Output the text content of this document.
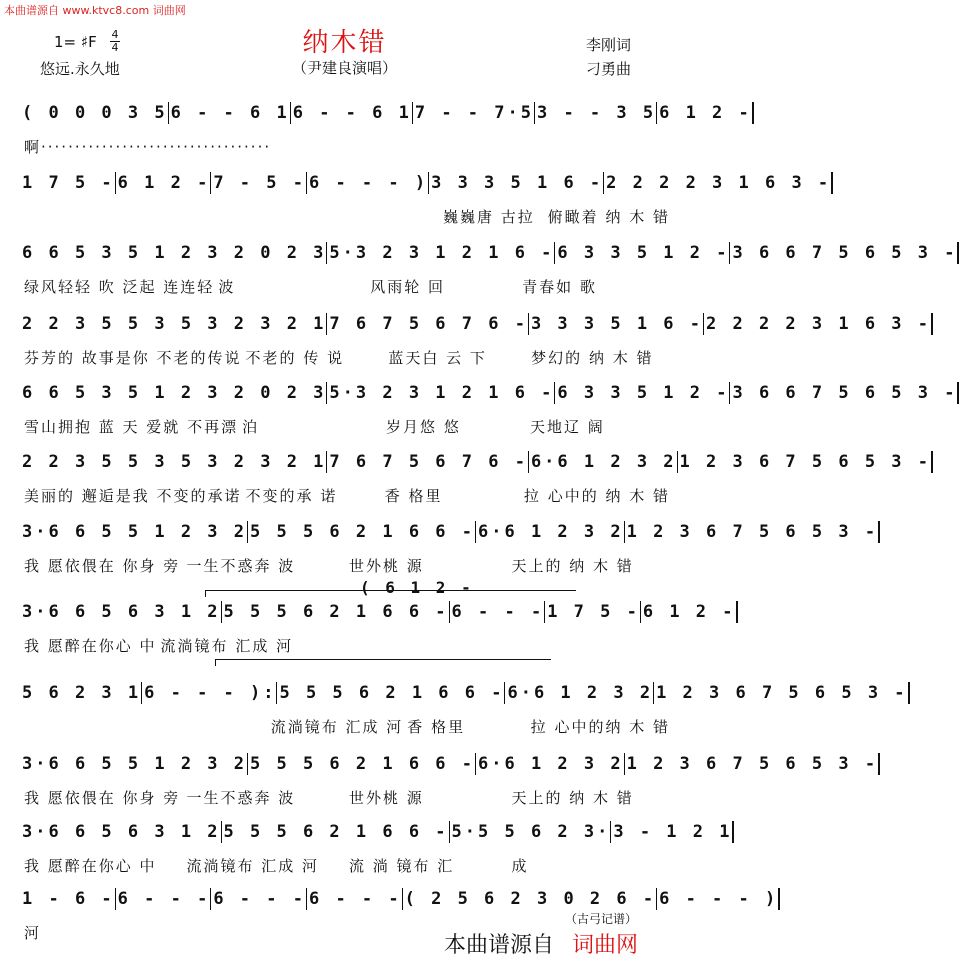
本曲谱源自 www.ktvc8.com 词曲网
纳木错
（尹建良演唱）
1= ♯F 4
4
悠远.永久地
李刚词
刁勇曲
( 0 0 0 3 5 6 - - 6 1 6 - - 6 1 7 - - 7·5 3 - - 3 5 6 1 2 -
啊··································
1 7 5 - 6 1 2 - 7 - 5 - 6 - - - ) 3 3 3 5 1 6 - 2 2 2 2 3 1 6 3 -
巍巍唐 古拉 俯瞰着 纳 木 错
6 6 5 3 5 1 2 3 2 0 2 3 5·3 2 3 1 2 1 6 - 6 3 3 5 1 2 - 3 6 6 7 5 6 5 3 -
绿风轻轻 吹 泛起 连连轻 波	风雨轮 回	青春如 歌
2 2 3 5 5 3 5 3 2 3 2 1 7 6 7 5 6 7 6 - 3 3 3 5 1 6 - 2 2 2 2 3 1 6 3 -
芬芳的 故事是你 不老的传说 不老的 传 说	蓝天白 云 下	梦幻的 纳 木 错
6 6 5 3 5 1 2 3 2 0 2 3 5·3 2 3 1 2 1 6 - 6 3 3 5 1 2 - 3 6 6 7 5 6 5 3 -
雪山拥抱 蓝 天 爱就 不再漂 泊	岁月悠 悠	天地辽 阔
2 2 3 5 5 3 5 3 2 3 2 1 7 6 7 5 6 7 6 - 6·6 1 2 3 2 1 2 3 6 7 5 6 5 3 -
美丽的 邂逅是我 不变的承诺 不变的承 诺	香 格里	拉 心中的 纳 木 错
3·6 6 5 5 1 2 3 2 5 5 5 6 2 1 6 6 - 6·6 1 2 3 2 1 2 3 6 7 5 6 5 3 -
我 愿依偎在 你身 旁 一生不惑奔 波	世外桃 源	天上的 纳 木 错
3·6 6 5 6 3 1 2 5 5 5 6 2 1 6 6 - 6 - - - 1 7 5 - 6 1 2 -
我 愿醉在你心 中 流淌镜布 汇成 河
5 6 2 3 1 6 - - - ): 5 5 5 6 2 1 6 6 - 6·6 1 2 3 2 1 2 3 6 7 5 6 5 3 -
流淌镜布 汇成 河 香 格里	拉 心中的纳 木 错
3·6 6 5 5 1 2 3 2 5 5 5 6 2 1 6 6 - 6·6 1 2 3 2 1 2 3 6 7 5 6 5 3 -
我 愿依偎在 你身 旁 一生不惑奔 波	世外桃 源	天上的 纳 木 错
3·6 6 5 6 3 1 2 5 5 5 6 2 1 6 6 - 5·5 5 6 2 3· 3 - 1 2 1
我 愿醉在你心 中	流淌镜布 汇成 河	流 淌 镜布 汇	成
1 - 6 - 6 - - - 6 - - - 6 - - - ( 2 5 6 2 3 0 2 6 - 6 - - - )
河
( 6 1 2 -
（古弓记谱）
本曲谱源自 词曲网
